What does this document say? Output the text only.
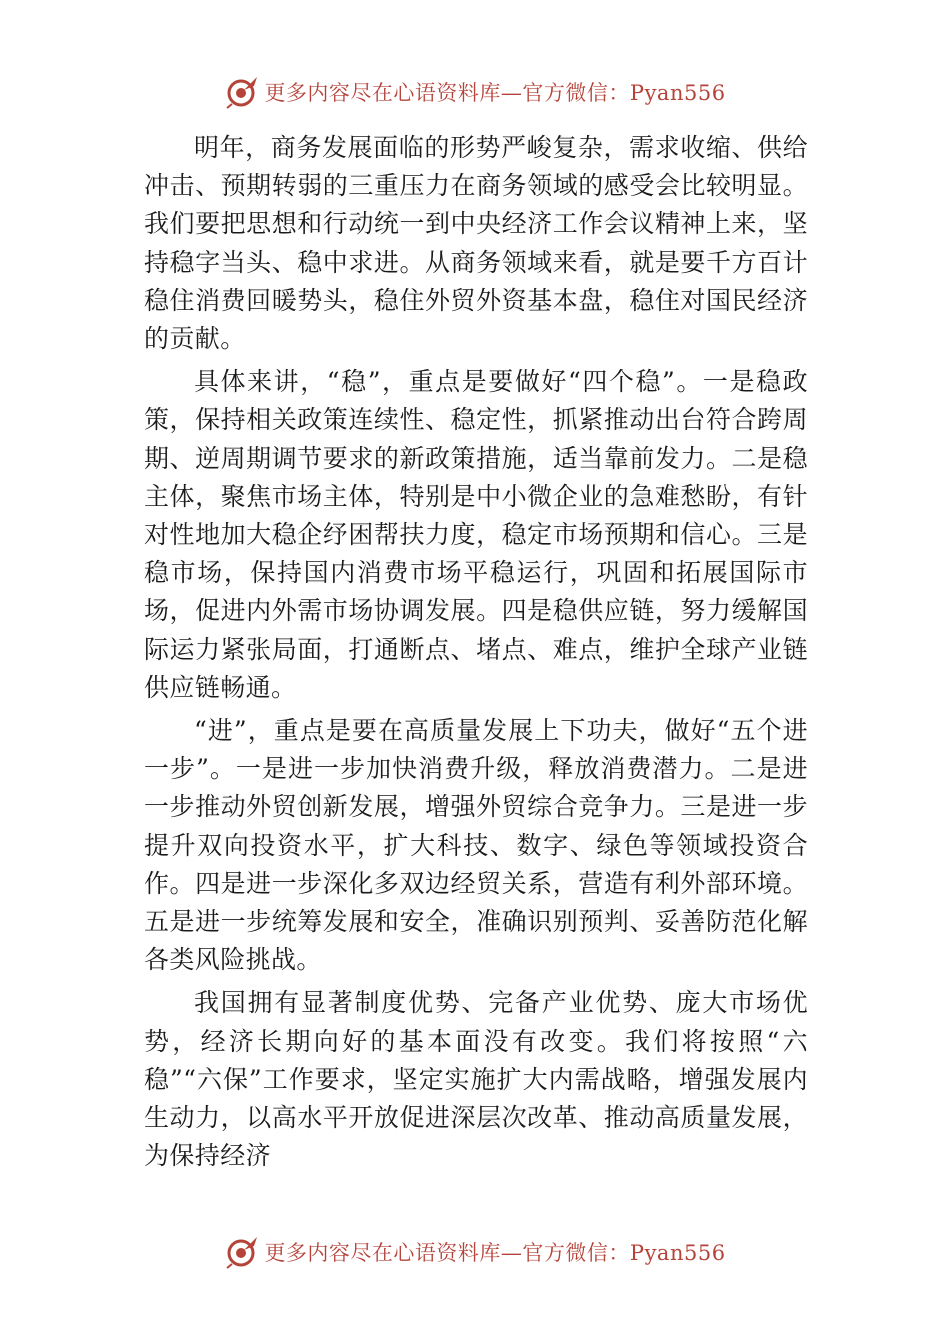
更多内容尽在心语资料库—官方微信：Pyan556

明年，商务发展面临的形势严峻复杂，需求收缩、供给冲击、预期转弱的三重压力在商务领域的感受会比较明显。我们要把思想和行动统一到中央经济工作会议精神上来，坚持稳字当头、稳中求进。从商务领域来看，就是要千方百计稳住消费回暖势头，稳住外贸外资基本盘，稳住对国民经济的贡献。

具体来讲，“稳”，重点是要做好“四个稳”。一是稳政策，保持相关政策连续性、稳定性，抓紧推动出台符合跨周期、逆周期调节要求的新政策措施，适当靠前发力。二是稳主体，聚焦市场主体，特别是中小微企业的急难愁盼，有针对性地加大稳企纾困帮扶力度，稳定市场预期和信心。三是稳市场，保持国内消费市场平稳运行，巩固和拓展国际市场，促进内外需市场协调发展。四是稳供应链，努力缓解国际运力紧张局面，打通断点、堵点、难点，维护全球产业链供应链畅通。

“进”，重点是要在高质量发展上下功夫，做好“五个进一步”。一是进一步加快消费升级，释放消费潜力。二是进一步推动外贸创新发展，增强外贸综合竞争力。三是进一步提升双向投资水平，扩大科技、数字、绿色等领域投资合作。四是进一步深化多双边经贸关系，营造有利外部环境。五是进一步统筹发展和安全，准确识别预判、妥善防范化解各类风险挑战。

我国拥有显著制度优势、完备产业优势、庞大市场优势，经济长期向好的基本面没有改变。我们将按照“六稳”“六保”工作要求，坚定实施扩大内需战略，增强发展内生动力，以高水平开放促进深层次改革、推动高质量发展，为保持经济

更多内容尽在心语资料库—官方微信：Pyan556
